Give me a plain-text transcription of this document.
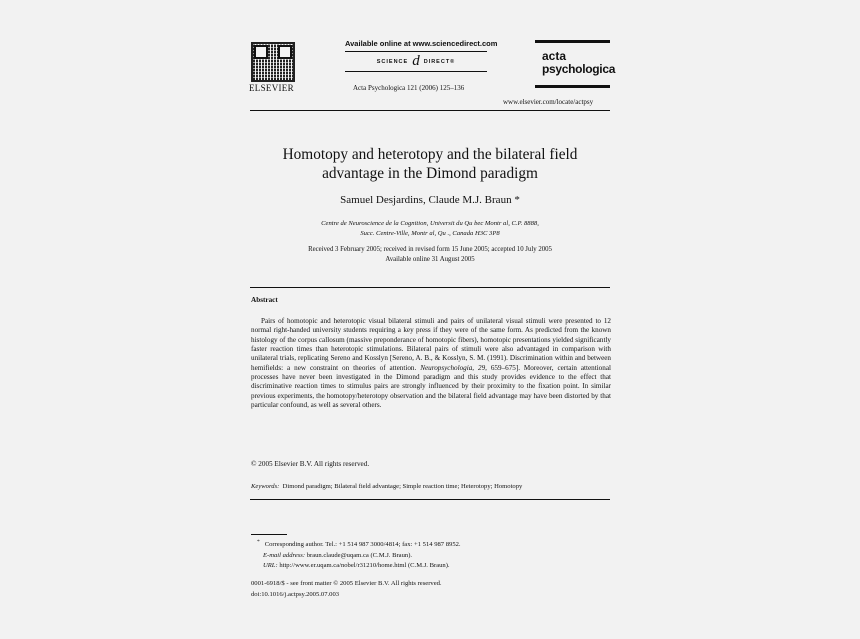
ELSEVIER
Available online at www.sciencedirect.com
SCIENCE d DIRECT®
Acta Psychologica 121 (2006) 125–136
acta
psychologica
www.elsevier.com/locate/actpsy
Homotopy and heterotopy and the bilateral field
advantage in the Dimond paradigm
Samuel Desjardins, Claude M.J. Braun *
Centre de Neuroscience de la Cognition, Universit du Qu bec Montr al, C.P. 8888,
Succ. Centre-Ville, Montr al, Qu ., Canada H3C 3P8
Received 3 February 2005; received in revised form 15 June 2005; accepted 10 July 2005
Available online 31 August 2005
Abstract
Pairs of homotopic and heterotopic visual bilateral stimuli and pairs of unilateral visual stimuli were presented to 12 normal right-handed university students requiring a key press if they were of the same form. As predicted from the known histology of the corpus callosum (massive preponderance of homotopic fibers), homotopic presentations yielded significantly faster reaction times than heterotopic stimulations. Bilateral pairs of stimuli were also advantaged in comparison with unilateral trials, replicating Sereno and Kosslyn [Sereno, A. B., & Kosslyn, S. M. (1991). Discrimination within and between hemifields: a new constraint on theories of attention. Neuropsychologia, 29, 659–675]. Moreover, certain attentional processes have never been investigated in the Dimond paradigm and this study provides evidence to the effect that discriminative reaction times to stimulus pairs are strongly influenced by their proximity to the fixation point. In similar previous experiments, the homotopy/heterotopy observation and the bilateral field advantage may have been distorted by that particular confound, as well as several others.
© 2005 Elsevier B.V. All rights reserved.
Keywords: Dimond paradigm; Bilateral field advantage; Simple reaction time; Heterotopy; Homotopy
* Corresponding author. Tel.: +1 514 987 3000/4814; fax: +1 514 987 8952.
E-mail address: braun.claude@uqam.ca (C.M.J. Braun).
URL: http://www.er.uqam.ca/nobel/r31210/home.html (C.M.J. Braun).
0001-6918/$ - see front matter © 2005 Elsevier B.V. All rights reserved.
doi:10.1016/j.actpsy.2005.07.003
